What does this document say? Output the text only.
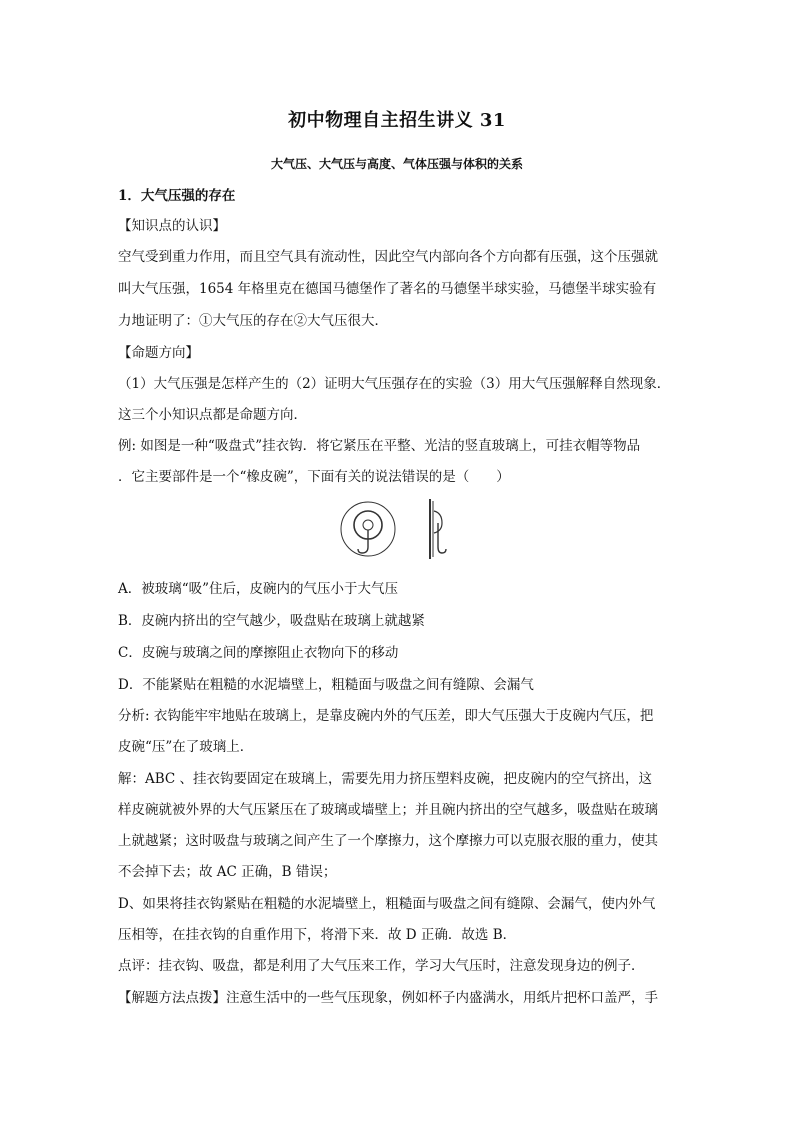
初中物理自主招生讲义 31
大气压、大气压与高度、气体压强与体积的关系
1．大气压强的存在
【知识点的认识】
空气受到重力作用，而且空气具有流动性，因此空气内部向各个方向都有压强，这个压强就
叫大气压强，1654 年格里克在德国马德堡作了著名的马德堡半球实验，马德堡半球实验有
力地证明了：①大气压的存在②大气压很大．
【命题方向】
（1）大气压强是怎样产生的（2）证明大气压强存在的实验（3）用大气压强解释自然现象．
这三个小知识点都是命题方向．
例: 如图是一种“吸盘式”挂衣钩．将它紧压在平整、光洁的竖直玻璃上，可挂衣帽等物品
．它主要部件是一个“橡皮碗”，下面有关的说法错误的是（　　）
A．被玻璃“吸”住后，皮碗内的气压小于大气压
B．皮碗内挤出的空气越少，吸盘贴在玻璃上就越紧
C．皮碗与玻璃之间的摩擦阻止衣物向下的移动
D．不能紧贴在粗糙的水泥墙壁上，粗糙面与吸盘之间有缝隙、会漏气
分析: 衣钩能牢牢地贴在玻璃上，是靠皮碗内外的气压差，即大气压强大于皮碗内气压，把
皮碗“压”在了玻璃上．
解：ABC 、挂衣钩要固定在玻璃上，需要先用力挤压塑料皮碗，把皮碗内的空气挤出，这
样皮碗就被外界的大气压紧压在了玻璃或墙壁上；并且碗内挤出的空气越多，吸盘贴在玻璃
上就越紧；这时吸盘与玻璃之间产生了一个摩擦力，这个摩擦力可以克服衣服的重力，使其
不会掉下去；故 AC 正确，B 错误；
D、如果将挂衣钩紧贴在粗糙的水泥墙壁上，粗糙面与吸盘之间有缝隙、会漏气，使内外气
压相等，在挂衣钩的自重作用下，将滑下来．故 D 正确．故选 B．
点评：挂衣钩、吸盘，都是利用了大气压来工作，学习大气压时，注意发现身边的例子．
【解题方法点拨】注意生活中的一些气压现象，例如杯子内盛满水，用纸片把杯口盖严，手
